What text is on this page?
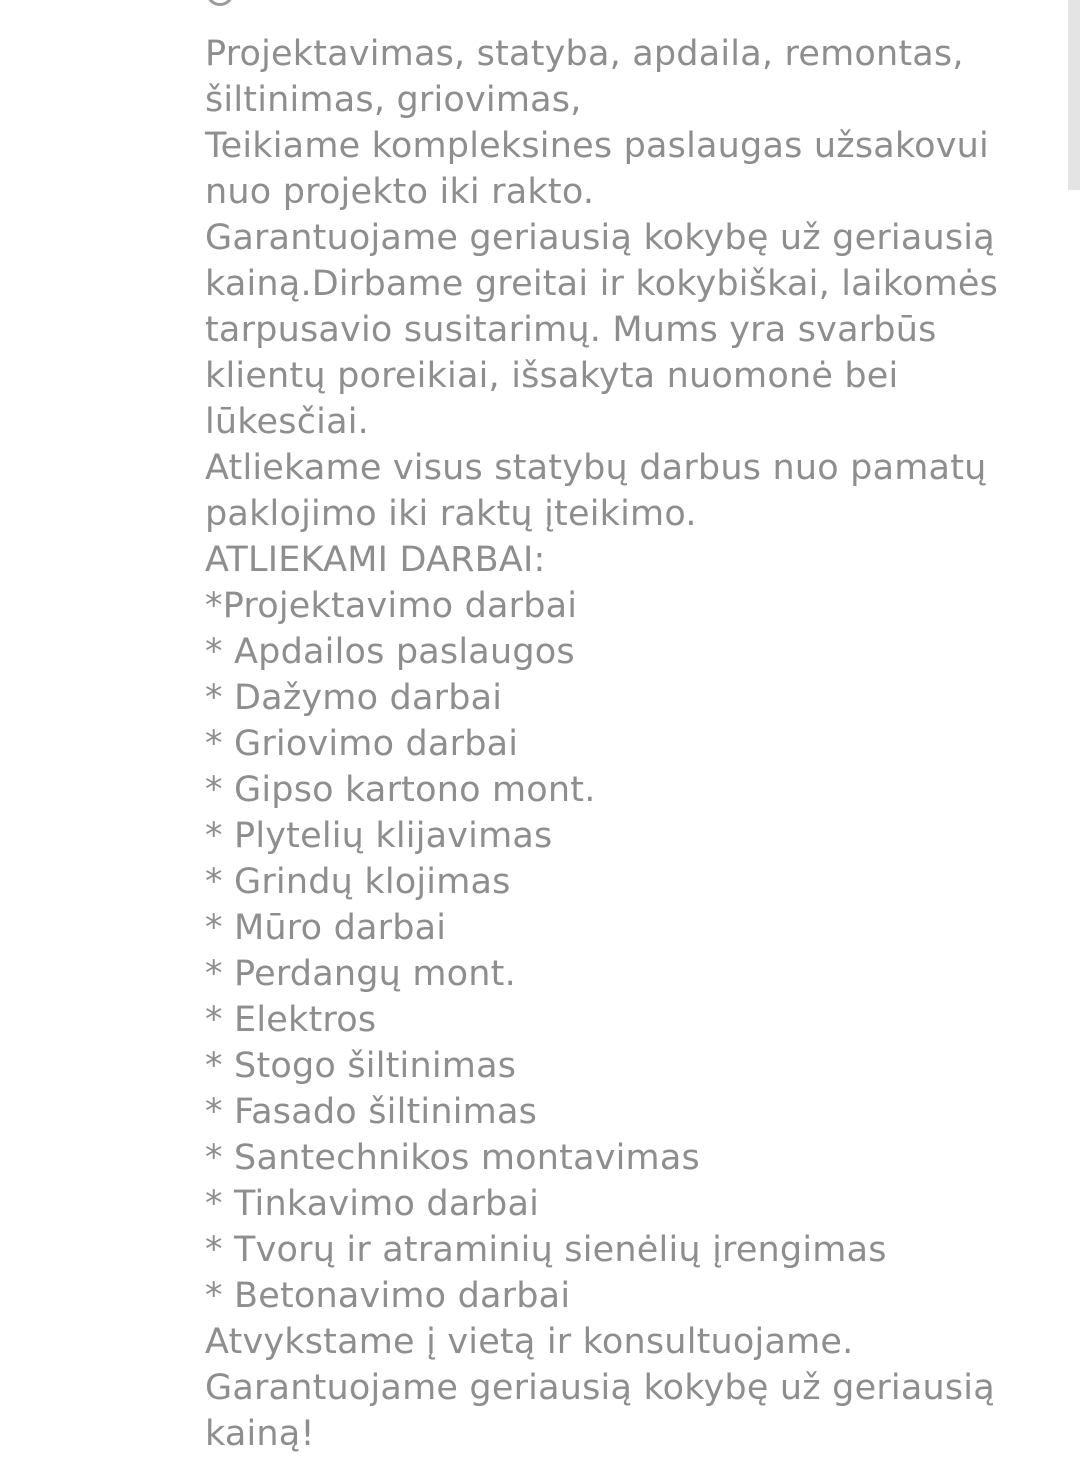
Projektavimas, statyba, apdaila, remontas,
šiltinimas, griovimas,
Teikiame kompleksines paslaugas užsakovui
nuo projekto iki rakto.
Garantuojame geriausią kokybę už geriausią
kainą.Dirbame greitai ir kokybiškai, laikomės
tarpusavio susitarimų. Mums yra svarbūs
klientų poreikiai, išsakyta nuomonė bei
lūkesčiai.
Atliekame visus statybų darbus nuo pamatų
paklojimo iki raktų įteikimo.
ATLIEKAMI DARBAI:
*Projektavimo darbai
* Apdailos paslaugos
* Dažymo darbai
* Griovimo darbai
* Gipso kartono mont.
* Plytelių klijavimas
* Grindų klojimas
* Mūro darbai
* Perdangų mont.
* Elektros
* Stogo šiltinimas
* Fasado šiltinimas
* Santechnikos montavimas
* Tinkavimo darbai
* Tvorų ir atraminių sienėlių įrengimas
* Betonavimo darbai
Atvykstame į vietą ir konsultuojame.
Garantuojame geriausią kokybę už geriausią
kainą!
